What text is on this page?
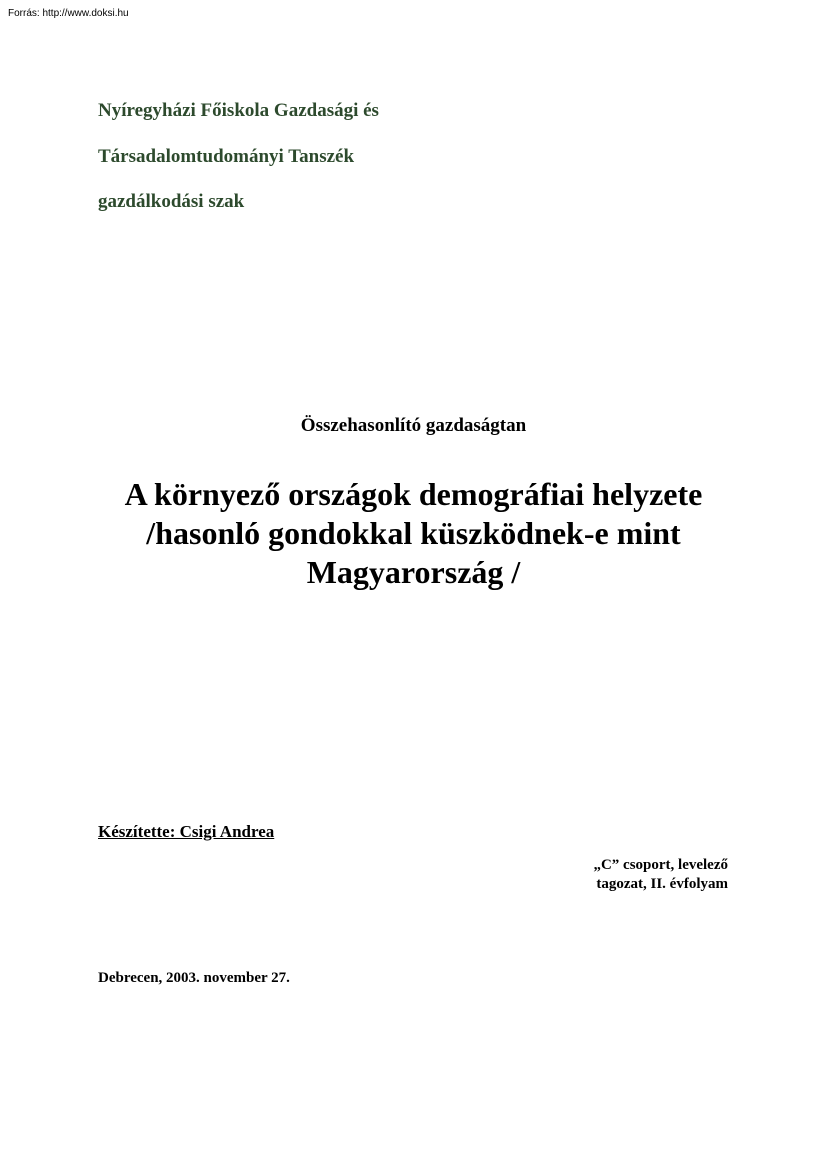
Forrás: http://www.doksi.hu
Nyíregyházi Főiskola Gazdasági és
Társadalomtudományi Tanszék
gazdálkodási szak
Összehasonlító gazdaságtan
A környező országok demográfiai helyzete
/hasonló gondokkal küszködnek-e mint
Magyarország /
Készítette: Csigi Andrea
„C” csoport, levelező
tagozat, II. évfolyam
Debrecen, 2003. november 27.
